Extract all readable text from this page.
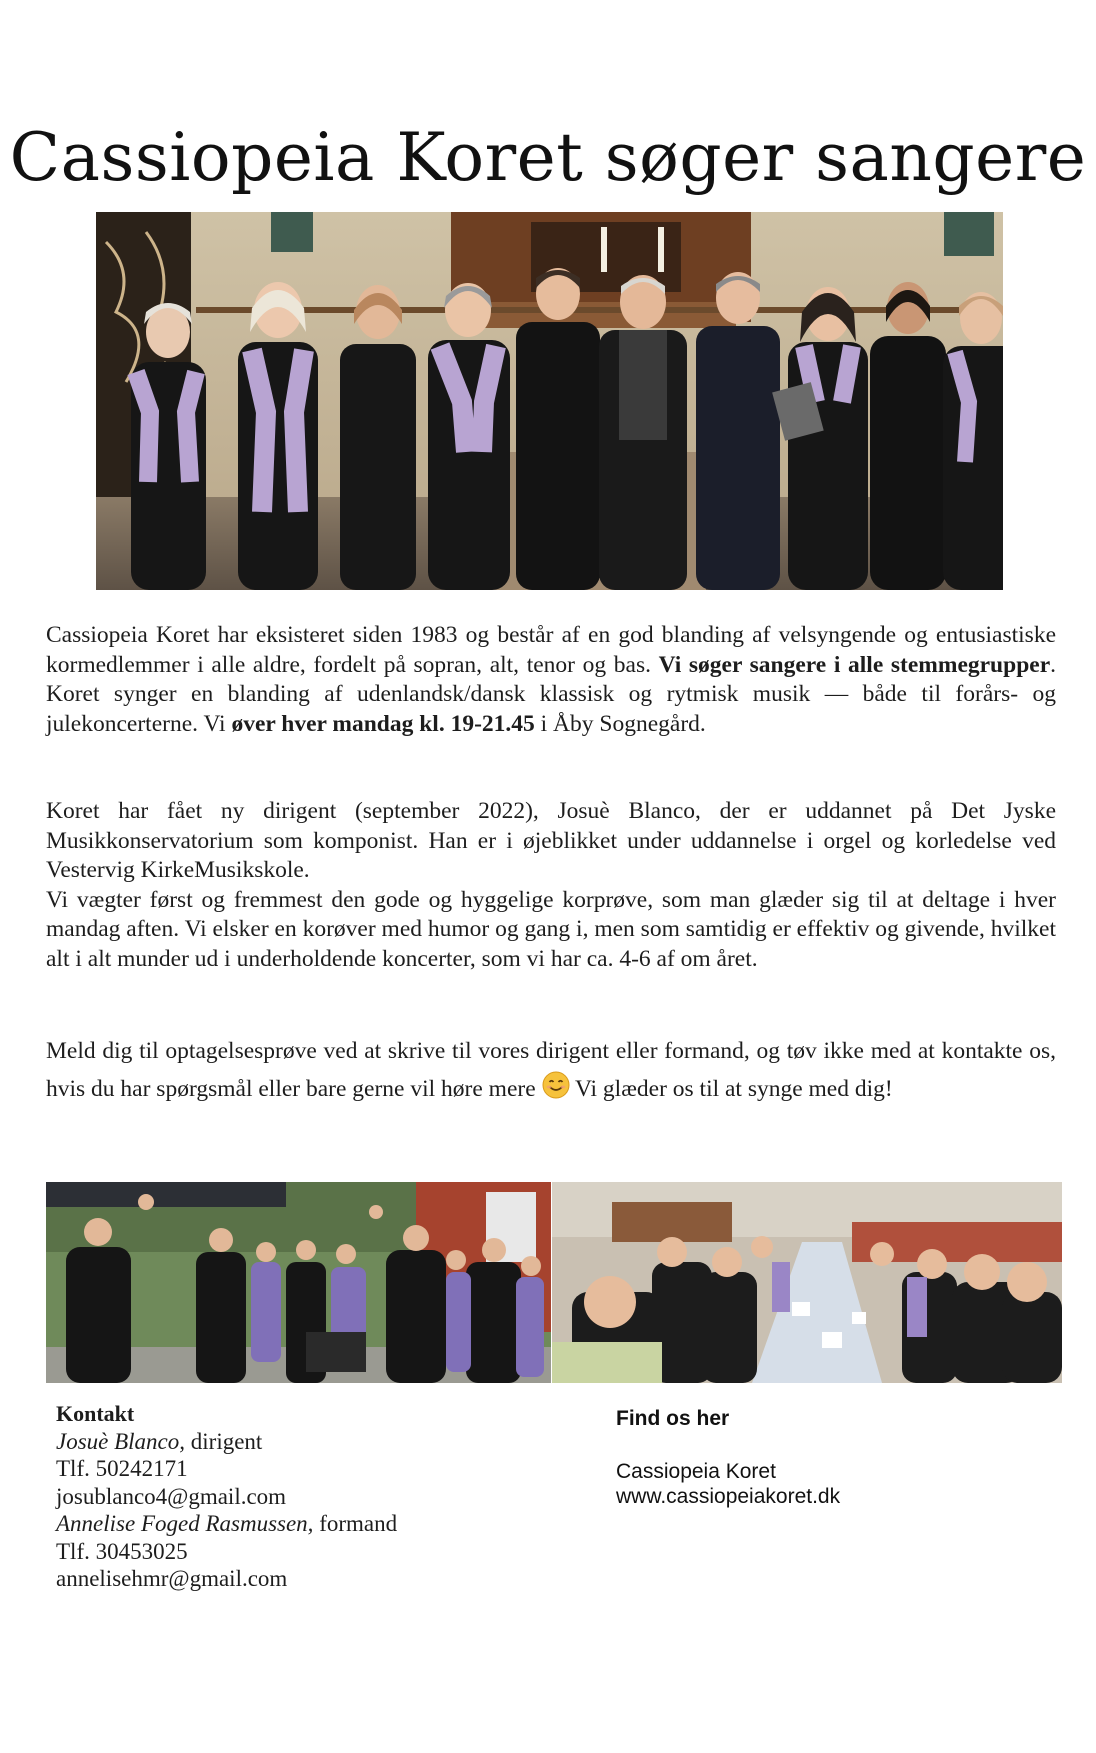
Cassiopeia Koret søger sangere

Cassiopeia Koret har eksisteret siden 1983 og består af en god blanding af velsyngende og entusiastiske kormedlemmer i alle aldre, fordelt på sopran, alt, tenor og bas. Vi søger sangere i alle stemmegrupper. Koret synger en blanding af udenlandsk/dansk klassisk og rytmisk musik — både til forårs- og julekoncerterne. Vi øver hver mandag kl. 19-21.45 i Åby Sognegård.

Koret har fået ny dirigent (september 2022), Josuè Blanco, der er uddannet på Det Jyske Musikkonservatorium som komponist. Han er i øjeblikket under uddannelse i orgel og korledelse ved Vestervig KirkeMusikskole.
Vi vægter først og fremmest den gode og hyggelige korprøve, som man glæder sig til at deltage i hver mandag aften. Vi elsker en korøver med humor og gang i, men som samtidig er effektiv og givende, hvilket alt i alt munder ud i underholdende koncerter, som vi har ca. 4-6 af om året.

Meld dig til optagelsesprøve ved at skrive til vores dirigent eller formand, og tøv ikke med at kontakte os, hvis du har spørgsmål eller bare gerne vil høre mere  Vi glæder os til at synge med dig!

Kontakt
Josuè Blanco, dirigent
Tlf. 50242171
josublanco4@gmail.com
Annelise Foged Rasmussen, formand
Tlf. 30453025
annelisehmr@gmail.com
Find os her
Cassiopeia Koret
www.cassiopeiakoret.dk
